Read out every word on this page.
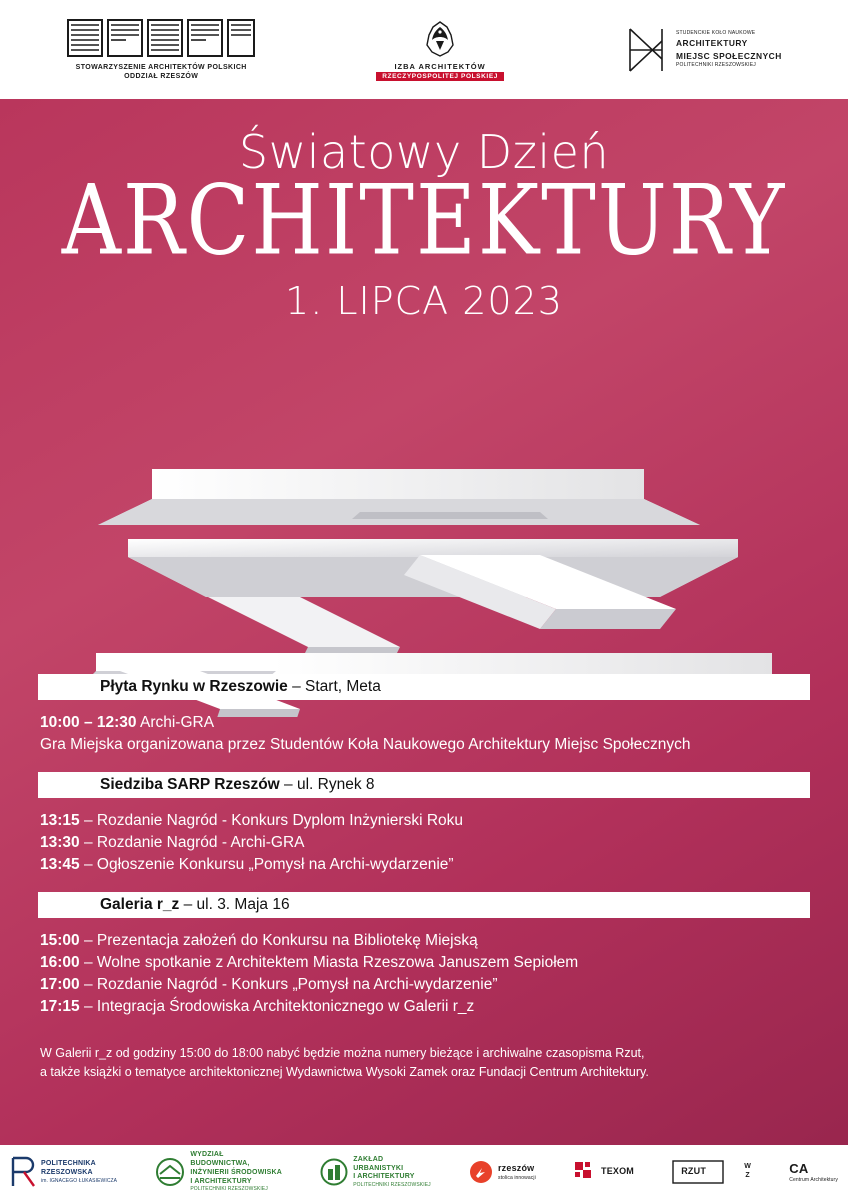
STOWARZYSZENIE ARCHITEKTÓW POLSKICH
ODDZIAŁ RZESZÓW
IZBA ARCHITEKTÓW
RZECZYPOSPOLITEJ POLSKIEJ
STUDENCKIE KOŁO NAUKOWE
ARCHITEKTURY
MIEJSC SPOŁECZNYCH
POLITECHNIKI RZESZOWSKIEJ
Światowy Dzień
ARCHITEKTURY
1. LIPCA 2023
Płyta Rynku w Rzeszowie – Start, Meta
10:00 – 12:30 Archi-GRA
Gra Miejska organizowana przez Studentów Koła Naukowego Architektury Miejsc Społecznych
Siedziba SARP Rzeszów – ul. Rynek 8
13:15 – Rozdanie Nagród - Konkurs Dyplom Inżynierski Roku
13:30 – Rozdanie Nagród - Archi-GRA
13:45 – Ogłoszenie Konkursu „Pomysł na Archi-wydarzenie”
Galeria r_z – ul. 3. Maja 16
15:00 – Prezentacja założeń do Konkursu na Bibliotekę Miejską
16:00 – Wolne spotkanie z Architektem Miasta Rzeszowa Januszem Sepiołem
17:00 – Rozdanie Nagród - Konkurs „Pomysł na Archi-wydarzenie”
17:15 – Integracja Środowiska Architektonicznego w Galerii r_z
W Galerii r_z od godziny 15:00 do 18:00 nabyć będzie można numery bieżące i archiwalne czasopisma Rzut,
a także książki o tematyce architektonicznej Wydawnictwa Wysoki Zamek oraz Fundacji Centrum Architektury.
POLITECHNIKA
RZESZOWSKA
im. IGNACEGO ŁUKASIEWICZA
WYDZIAŁ
BUDOWNICTWA,
INŻYNIERII ŚRODOWISKA
I ARCHITEKTURY
POLITECHNIKI RZESZOWSKIEJ
ZAKŁAD
URBANISTYKI
I ARCHITEKTURY
POLITECHNIKI RZESZOWSKIEJ
rzeszów
stolica innowacji
TEXOM	RZUT	W
Z	CA
Centrum Architektury
